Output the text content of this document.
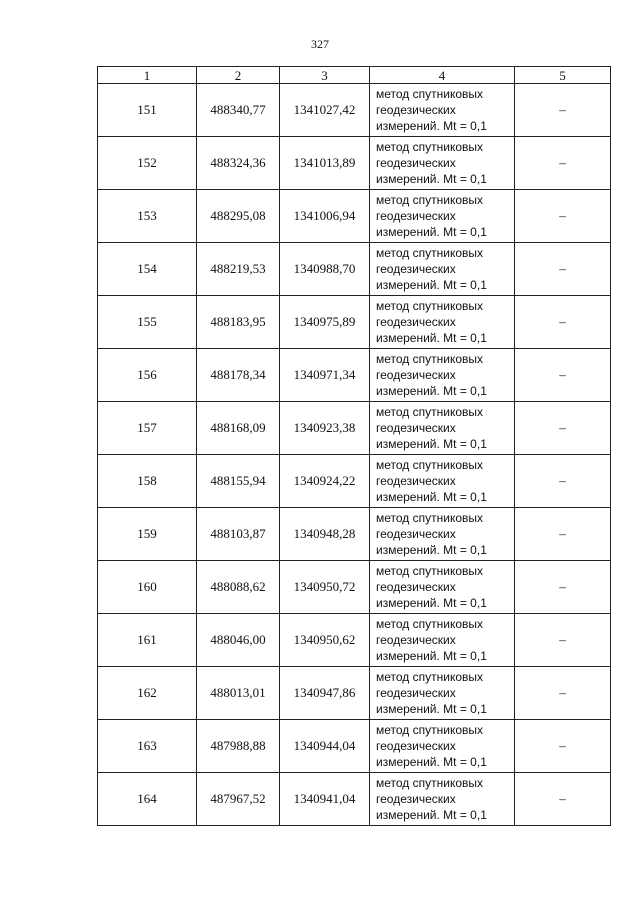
327
1	2	3	4	5
151	488340,77	1341027,42	метод спутниковых
геодезических
измерений. Mt = 0,1	–
152	488324,36	1341013,89	метод спутниковых
геодезических
измерений. Mt = 0,1	–
153	488295,08	1341006,94	метод спутниковых
геодезических
измерений. Mt = 0,1	–
154	488219,53	1340988,70	метод спутниковых
геодезических
измерений. Mt = 0,1	–
155	488183,95	1340975,89	метод спутниковых
геодезических
измерений. Mt = 0,1	–
156	488178,34	1340971,34	метод спутниковых
геодезических
измерений. Mt = 0,1	–
157	488168,09	1340923,38	метод спутниковых
геодезических
измерений. Mt = 0,1	–
158	488155,94	1340924,22	метод спутниковых
геодезических
измерений. Mt = 0,1	–
159	488103,87	1340948,28	метод спутниковых
геодезических
измерений. Mt = 0,1	–
160	488088,62	1340950,72	метод спутниковых
геодезических
измерений. Mt = 0,1	–
161	488046,00	1340950,62	метод спутниковых
геодезических
измерений. Mt = 0,1	–
162	488013,01	1340947,86	метод спутниковых
геодезических
измерений. Mt = 0,1	–
163	487988,88	1340944,04	метод спутниковых
геодезических
измерений. Mt = 0,1	–
164	487967,52	1340941,04	метод спутниковых
геодезических
измерений. Mt = 0,1	–
